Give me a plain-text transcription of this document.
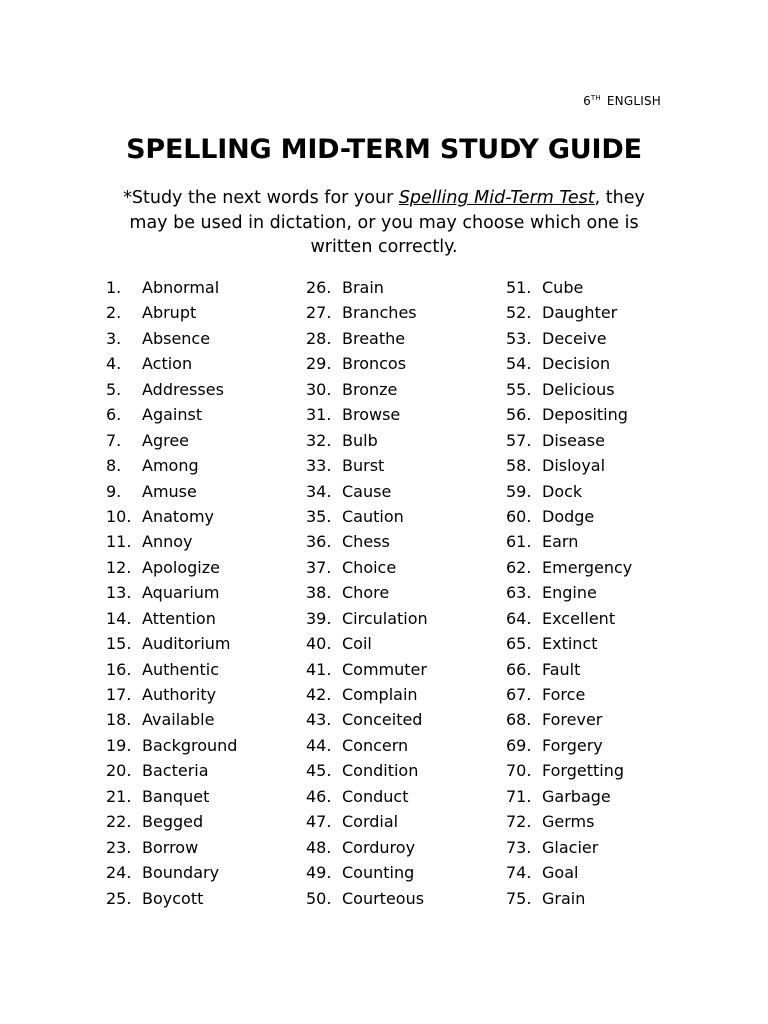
6TH ENGLISH
SPELLING MID-TERM STUDY GUIDE
*Study the next words for your Spelling Mid-Term Test, they may be used in dictation, or you may choose which one is written correctly.
1. Abnormal
2. Abrupt
3. Absence
4. Action
5. Addresses
6. Against
7. Agree
8. Among
9. Amuse
10. Anatomy
11. Annoy
12. Apologize
13. Aquarium
14. Attention
15. Auditorium
16. Authentic
17. Authority
18. Available
19. Background
20. Bacteria
21. Banquet
22. Begged
23. Borrow
24. Boundary
25. Boycott
26. Brain
27. Branches
28. Breathe
29. Broncos
30. Bronze
31. Browse
32. Bulb
33. Burst
34. Cause
35. Caution
36. Chess
37. Choice
38. Chore
39. Circulation
40. Coil
41. Commuter
42. Complain
43. Conceited
44. Concern
45. Condition
46. Conduct
47. Cordial
48. Corduroy
49. Counting
50. Courteous
51. Cube
52. Daughter
53. Deceive
54. Decision
55. Delicious
56. Depositing
57. Disease
58. Disloyal
59. Dock
60. Dodge
61. Earn
62. Emergency
63. Engine
64. Excellent
65. Extinct
66. Fault
67. Force
68. Forever
69. Forgery
70. Forgetting
71. Garbage
72. Germs
73. Glacier
74. Goal
75. Grain
